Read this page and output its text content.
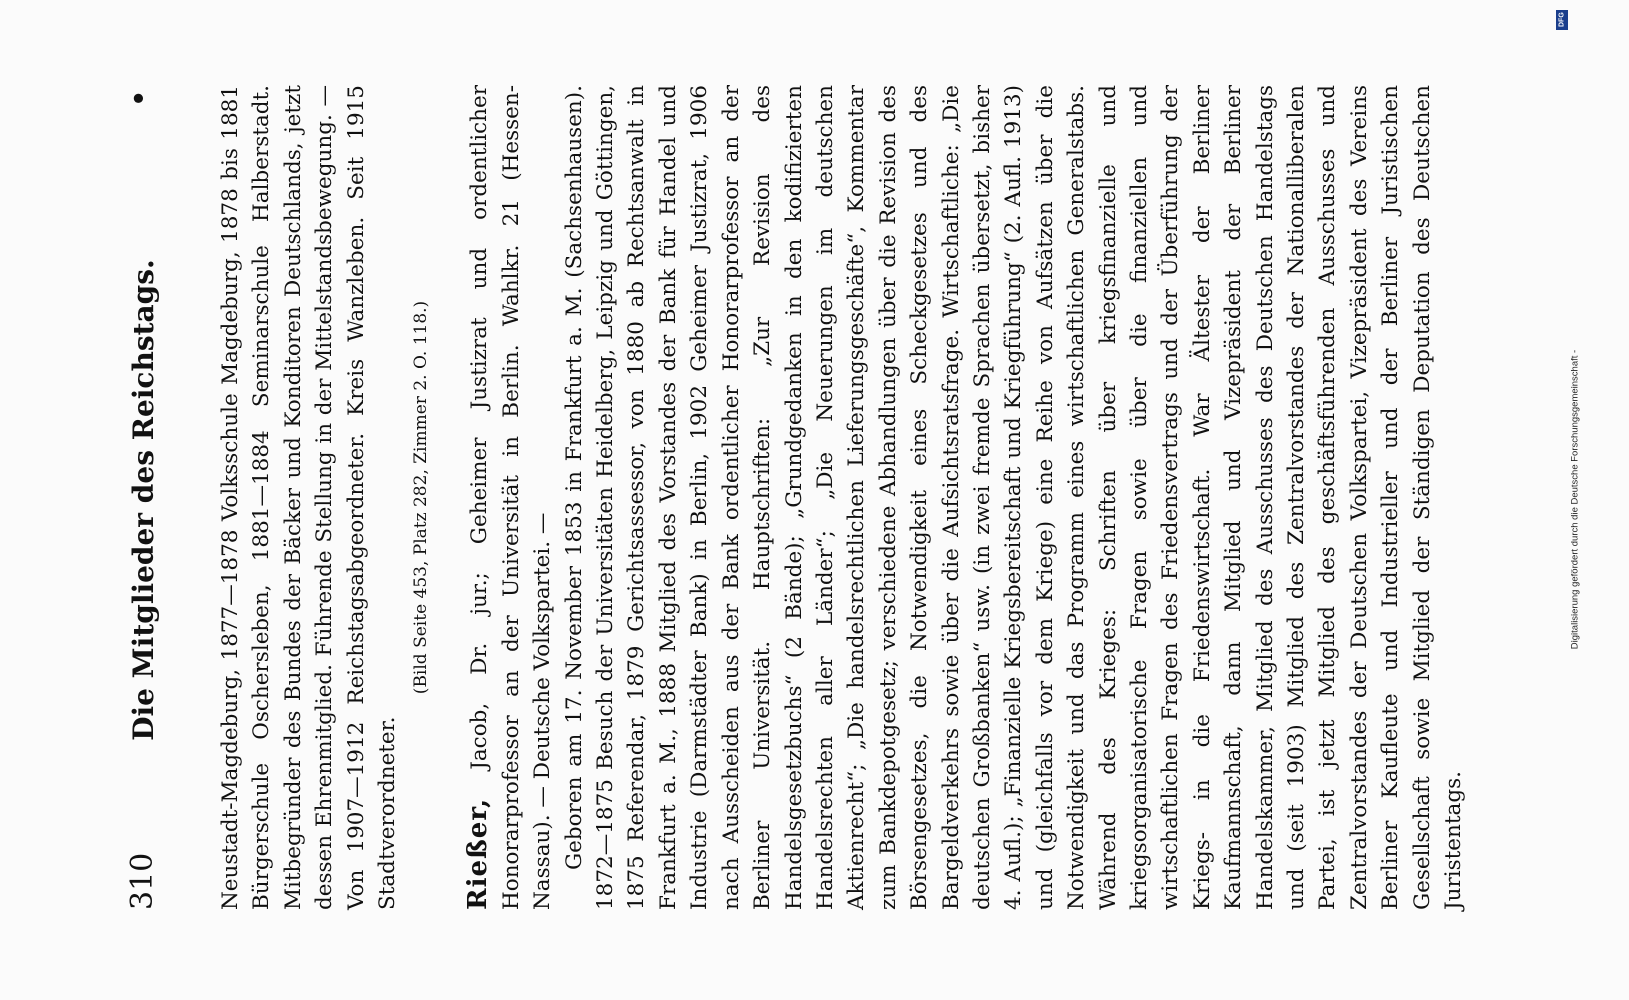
310
Die Mitglieder des Reichstags.
•	Neustadt-Magdeburg, 1877—1878 Volksschule Magdeburg, 1878 bis 1881 Bürgerschule Oschersleben, 1881—1884 Seminarschule Halberstadt. Mitbegründer des Bundes der Bäcker und Konditoren Deutschlands, jetzt dessen Ehrenmitglied. Führende Stellung in der Mittelstandsbewegung. — Von 1907—1912 Reichstagsabgeordneter. Kreis Wanzleben. Seit 1915 Stadtverordneter.

(Bild Seite 453, Platz 282, Zimmer 2. O. 118.)

Rießer, Jacob, Dr. jur.; Geheimer Justizrat und ordentlicher Honorarprofessor an der Universität in Berlin. Wahlkr. 21 (Hessen-Nassau). — Deutsche Volkspartei. — Geboren am 17. November 1853 in Frankfurt a. M. (Sachsenhausen). 1872—1875 Besuch der Universitäten Heidelberg, Leipzig und Göttingen, 1875 Referendar, 1879 Gerichtsassessor, von 1880 ab Rechtsanwalt in Frankfurt a. M., 1888 Mitglied des Vorstandes der Bank für Handel und Industrie (Darmstädter Bank) in Berlin, 1902 Geheimer Justizrat, 1906 nach Ausscheiden aus der Bank ordentlicher Honorarprofessor an der Berliner Universität. Hauptschriften: „Zur Revision des Handelsgesetzbuchs“ (2 Bände); „Grundgedanken in den kodifizierten Handelsrechten aller Länder“; „Die Neuerungen im deutschen Aktienrecht“; „Die handelsrechtlichen Lieferungsgeschäfte“, Kommentar zum Bankdepotgesetz; verschiedene Abhandlungen über die Revision des Börsengesetzes, die Notwendigkeit eines Scheckgesetzes und des Bargeldverkehrs sowie über die Aufsichtsratsfrage. Wirtschaftliche: „Die deutschen Großbanken“ usw. (in zwei fremde Sprachen übersetzt, bisher 4. Aufl.); „Finanzielle Kriegsbereitschaft und Kriegführung“ (2. Aufl. 1913) und (gleichfalls vor dem Kriege) eine Reihe von Aufsätzen über die Notwendigkeit und das Programm eines wirtschaftlichen Generalstabs. Während des Krieges: Schriften über kriegsfinanzielle und kriegsorganisatorische Fragen sowie über die finanziellen und wirtschaftlichen Fragen des Friedensvertrags und der Überführung der Kriegs- in die Friedenswirtschaft. War Ältester der Berliner Kaufmannschaft, dann Mitglied und Vizepräsident der Berliner Handelskammer, Mitglied des Ausschusses des Deutschen Handelstags und (seit 1903) Mitglied des Zentralvorstandes der Nationalliberalen Partei, ist jetzt Mitglied des geschäftsführenden Ausschusses und Zentralvorstandes der Deutschen Volkspartei, Vizepräsident des Vereins Berliner Kaufleute und Industrieller und der Berliner Juristischen Gesellschaft sowie Mitglied der Ständigen Deputation des Deutschen Juristentags.

DFG
Digitalisierung gefördert durch die Deutsche Forschungsgemeinschaft -
